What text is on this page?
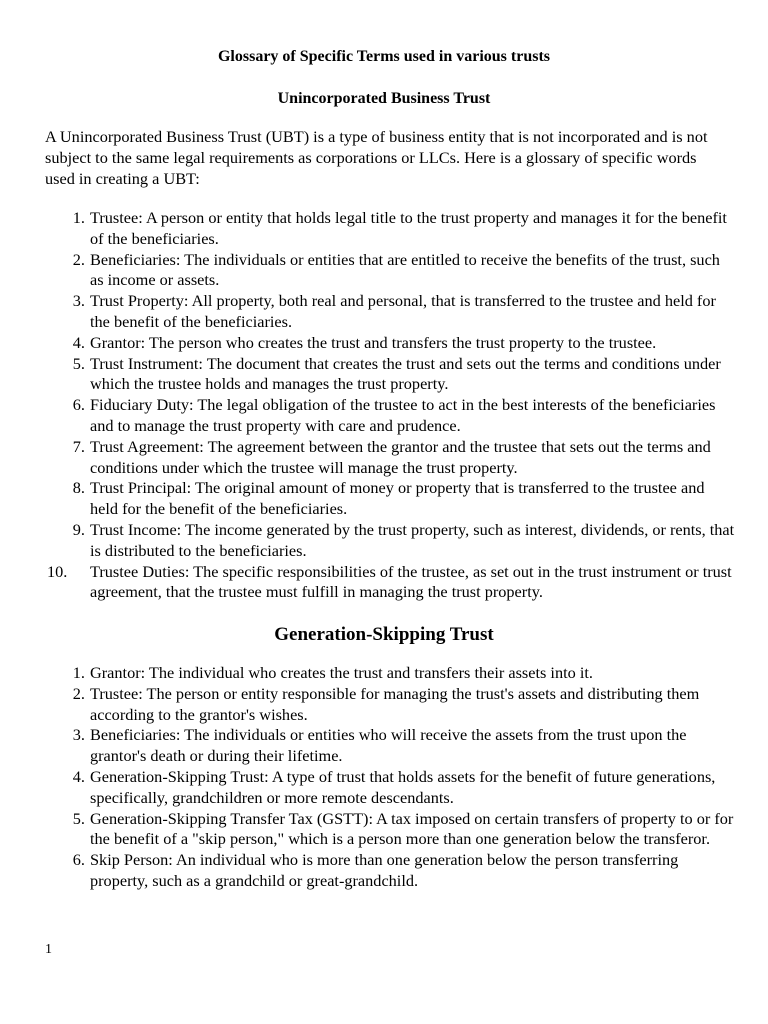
Glossary of Specific Terms used in various trusts
Unincorporated Business Trust

A Unincorporated Business Trust (UBT) is a type of business entity that is not incorporated and is not subject to the same legal requirements as corporations or LLCs. Here is a glossary of specific words used in creating a UBT:

1. Trustee: A person or entity that holds legal title to the trust property and manages it for the benefit of the beneficiaries.
2. Beneficiaries: The individuals or entities that are entitled to receive the benefits of the trust, such as income or assets.
3. Trust Property: All property, both real and personal, that is transferred to the trustee and held for the benefit of the beneficiaries.
4. Grantor: The person who creates the trust and transfers the trust property to the trustee.
5. Trust Instrument: The document that creates the trust and sets out the terms and conditions under which the trustee holds and manages the trust property.
6. Fiduciary Duty: The legal obligation of the trustee to act in the best interests of the beneficiaries and to manage the trust property with care and prudence.
7. Trust Agreement: The agreement between the grantor and the trustee that sets out the terms and conditions under which the trustee will manage the trust property.
8. Trust Principal: The original amount of money or property that is transferred to the trustee and held for the benefit of the beneficiaries.
9. Trust Income: The income generated by the trust property, such as interest, dividends, or rents, that is distributed to the beneficiaries.
10.	Trustee Duties: The specific responsibilities of the trustee, as set out in the trust instrument or trust agreement, that the trustee must fulfill in managing the trust property.
Generation-Skipping Trust
1. Grantor: The individual who creates the trust and transfers their assets into it.
2. Trustee: The person or entity responsible for managing the trust's assets and distributing them according to the grantor's wishes.
3. Beneficiaries: The individuals or entities who will receive the assets from the trust upon the grantor's death or during their lifetime.
4. Generation-Skipping Trust: A type of trust that holds assets for the benefit of future generations, specifically, grandchildren or more remote descendants.
5. Generation-Skipping Transfer Tax (GSTT): A tax imposed on certain transfers of property to or for the benefit of a "skip person," which is a person more than one generation below the transferor.
6. Skip Person: An individual who is more than one generation below the person transferring property, such as a grandchild or great-grandchild.

1
